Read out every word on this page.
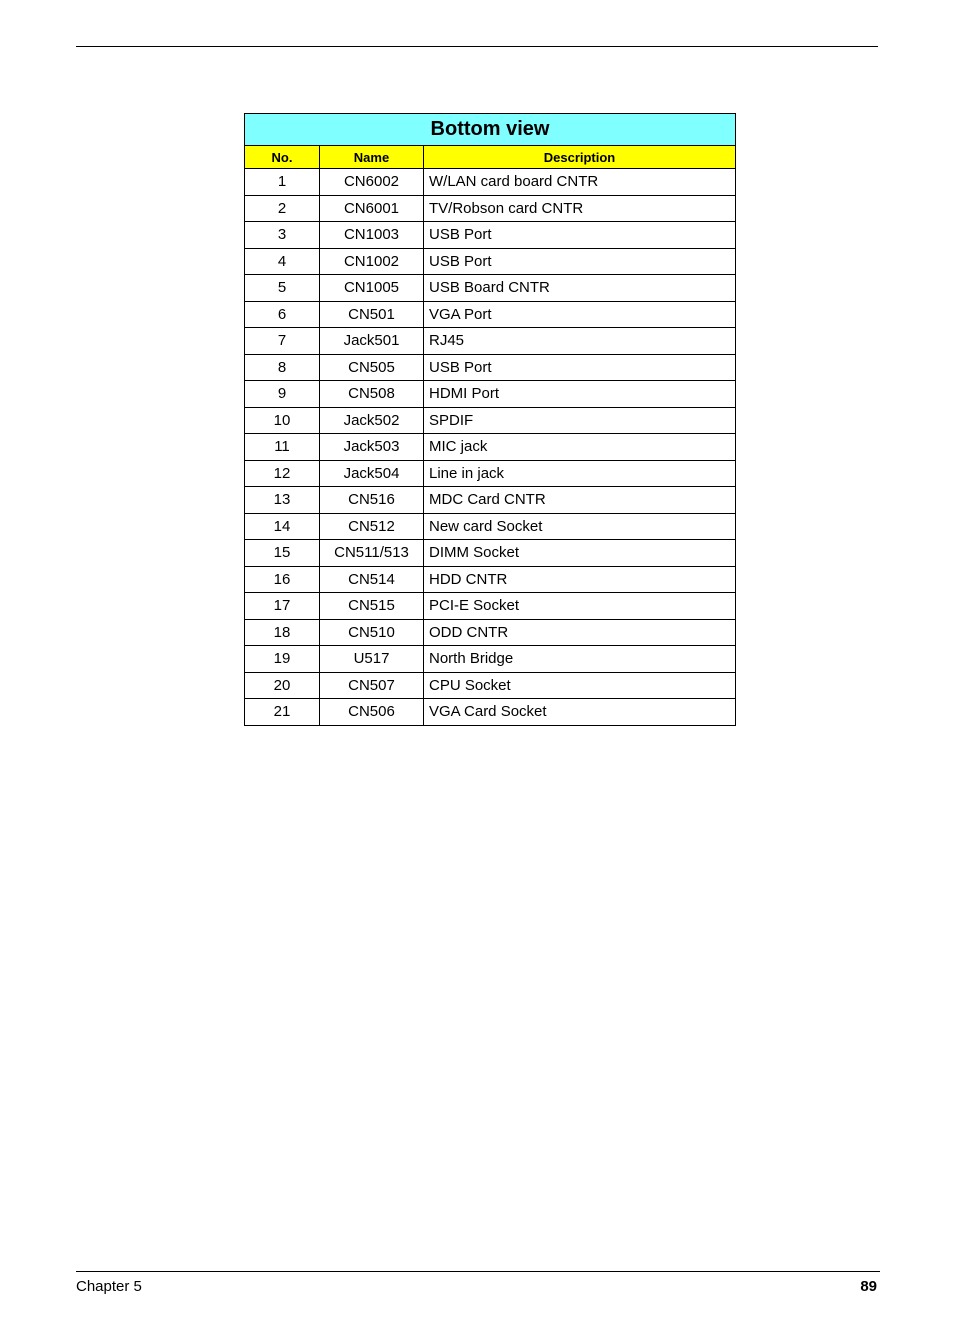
Bottom view		
No.	Name	Description
1	CN6002	W/LAN card board CNTR
2	CN6001	TV/Robson card CNTR
3	CN1003	USB Port
4	CN1002	USB Port
5	CN1005	USB Board CNTR
6	CN501	VGA Port
7	Jack501	RJ45
8	CN505	USB Port
9	CN508	HDMI Port
10	Jack502	SPDIF
11	Jack503	MIC jack
12	Jack504	Line in jack
13	CN516	MDC Card CNTR
14	CN512	New card Socket
15	CN511/513	DIMM Socket
16	CN514	HDD CNTR
17	CN515	PCI-E Socket
18	CN510	ODD CNTR
19	U517	North Bridge
20	CN507	CPU Socket
21	CN506	VGA Card Socket
Chapter 5	89
